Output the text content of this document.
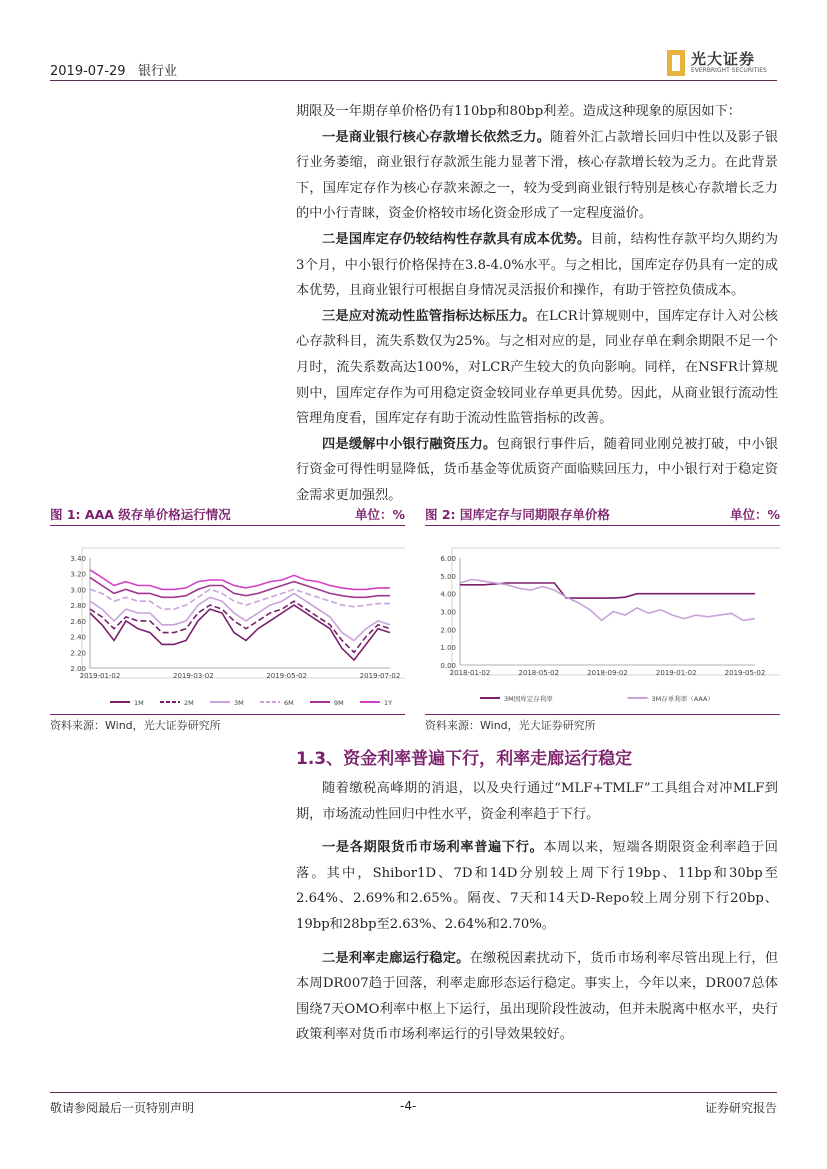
2019-07-29 银行业
光大证券
EVERBRIGHT SECURITIES

期限及一年期存单价格仍有110bp和80bp利差。造成这种现象的原因如下：

一是商业银行核心存款增长依然乏力。随着外汇占款增长回归中性以及影子银行业务萎缩，商业银行存款派生能力显著下滑，核心存款增长较为乏力。在此背景下，国库定存作为核心存款来源之一，较为受到商业银行特别是核心存款增长乏力的中小行青睐，资金价格较市场化资金形成了一定程度溢价。

二是国库定存仍较结构性存款具有成本优势。目前，结构性存款平均久期约为3个月，中小银行价格保持在3.8-4.0%水平。与之相比，国库定存仍具有一定的成本优势，且商业银行可根据自身情况灵活报价和操作，有助于管控负债成本。

三是应对流动性监管指标达标压力。在LCR计算规则中，国库定存计入对公核心存款科目，流失系数仅为25%。与之相对应的是，同业存单在剩余期限不足一个月时，流失系数高达100%，对LCR产生较大的负向影响。同样，在NSFR计算规则中，国库定存作为可用稳定资金较同业存单更具优势。因此，从商业银行流动性管理角度看，国库定存有助于流动性监管指标的改善。

四是缓解中小银行融资压力。包商银行事件后，随着同业刚兑被打破，中小银行资金可得性明显降低，货币基金等优质资产面临赎回压力，中小银行对于稳定资金需求更加强烈。

图 1: AAA 级存单价格运行情况	单位：%
3.40
3.20
3.00
2.80
2.60
2.40
2.20
2.00
2019-01-02	2019-03-02	2019-05-02	2019-07-02
1M	2M	3M	6M	9M	1Y
图 2: 国库定存与同期限存单价格	单位：%
6.00
5.00
4.00
3.00
2.00
1.00
0.00
2018-01-02	2018-05-02	2018-09-02	2019-01-02	2019-05-02
3M国库定存利率	3M存单利率（AAA）
资料来源：Wind，光大证券研究所	资料来源：Wind，光大证券研究所
1.3、资金利率普遍下行，利率走廊运行稳定

随着缴税高峰期的消退，以及央行通过“MLF+TMLF”工具组合对冲MLF到期，市场流动性回归中性水平，资金利率趋于下行。

一是各期限货币市场利率普遍下行。本周以来，短端各期限资金利率趋于回落。其中，Shibor1D、7D和14D分别较上周下行19bp、11bp和30bp至2.64%、2.69%和2.65%。隔夜、7天和14天D-Repo较上周分别下行20bp、19bp和28bp至2.63%、2.64%和2.70%。

二是利率走廊运行稳定。在缴税因素扰动下，货币市场利率尽管出现上行，但本周DR007趋于回落，利率走廊形态运行稳定。事实上，今年以来，DR007总体围绕7天OMO利率中枢上下运行，虽出现阶段性波动，但并未脱离中枢水平，央行政策利率对货币市场利率运行的引导效果较好。

敬请参阅最后一页特别声明	-4-	证券研究报告
